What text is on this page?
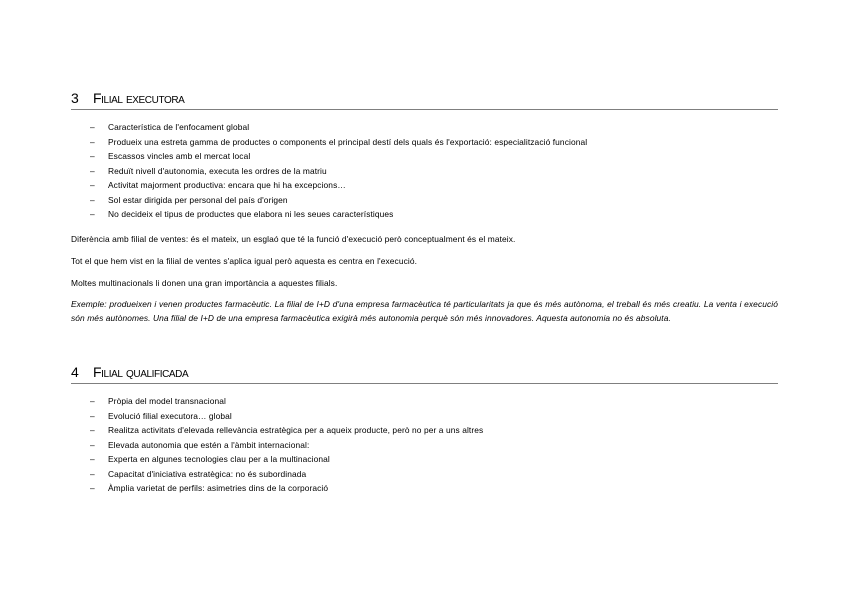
3	Filial executora
– Característica de l'enfocament global
– Produeix una estreta gamma de productes o components el principal destí dels quals és l'exportació: especialització funcional
– Escassos vincles amb el mercat local
– Reduït nivell d'autonomia, executa les ordres de la matriu
– Activitat majorment productiva: encara que hi ha excepcions…
– Sol estar dirigida per personal del país d'origen
– No decideix el tipus de productes que elabora ni les seues característiques

Diferència amb filial de ventes: és el mateix, un esglaó que té la funció d'execució però conceptualment és el mateix.

Tot el que hem vist en la filial de ventes s'aplica igual però aquesta es centra en l'execució.

Moltes multinacionals li donen una gran importància a aquestes filials.

Exemple: produeixen i venen productes farmacèutic. La filial de I+D d'una empresa farmacèutica té particularitats ja que és més autònoma, el treball és més creatiu. La venta i execució són més autònomes. Una filial de I+D de una empresa farmacèutica exigirà més autonomia perquè són més innovadores. Aquesta autonomia no és absoluta.

4	Filial qualificada
– Pròpia del model transnacional
– Evolució filial executora… global
– Realitza activitats d'elevada rellevància estratègica per a aqueix producte, però no per a uns altres
– Elevada autonomia que estén a l'àmbit internacional:
– Experta en algunes tecnologies clau per a la multinacional
– Capacitat d'iniciativa estratègica: no és subordinada
– Àmplia varietat de perfils: asimetries dins de la corporació
